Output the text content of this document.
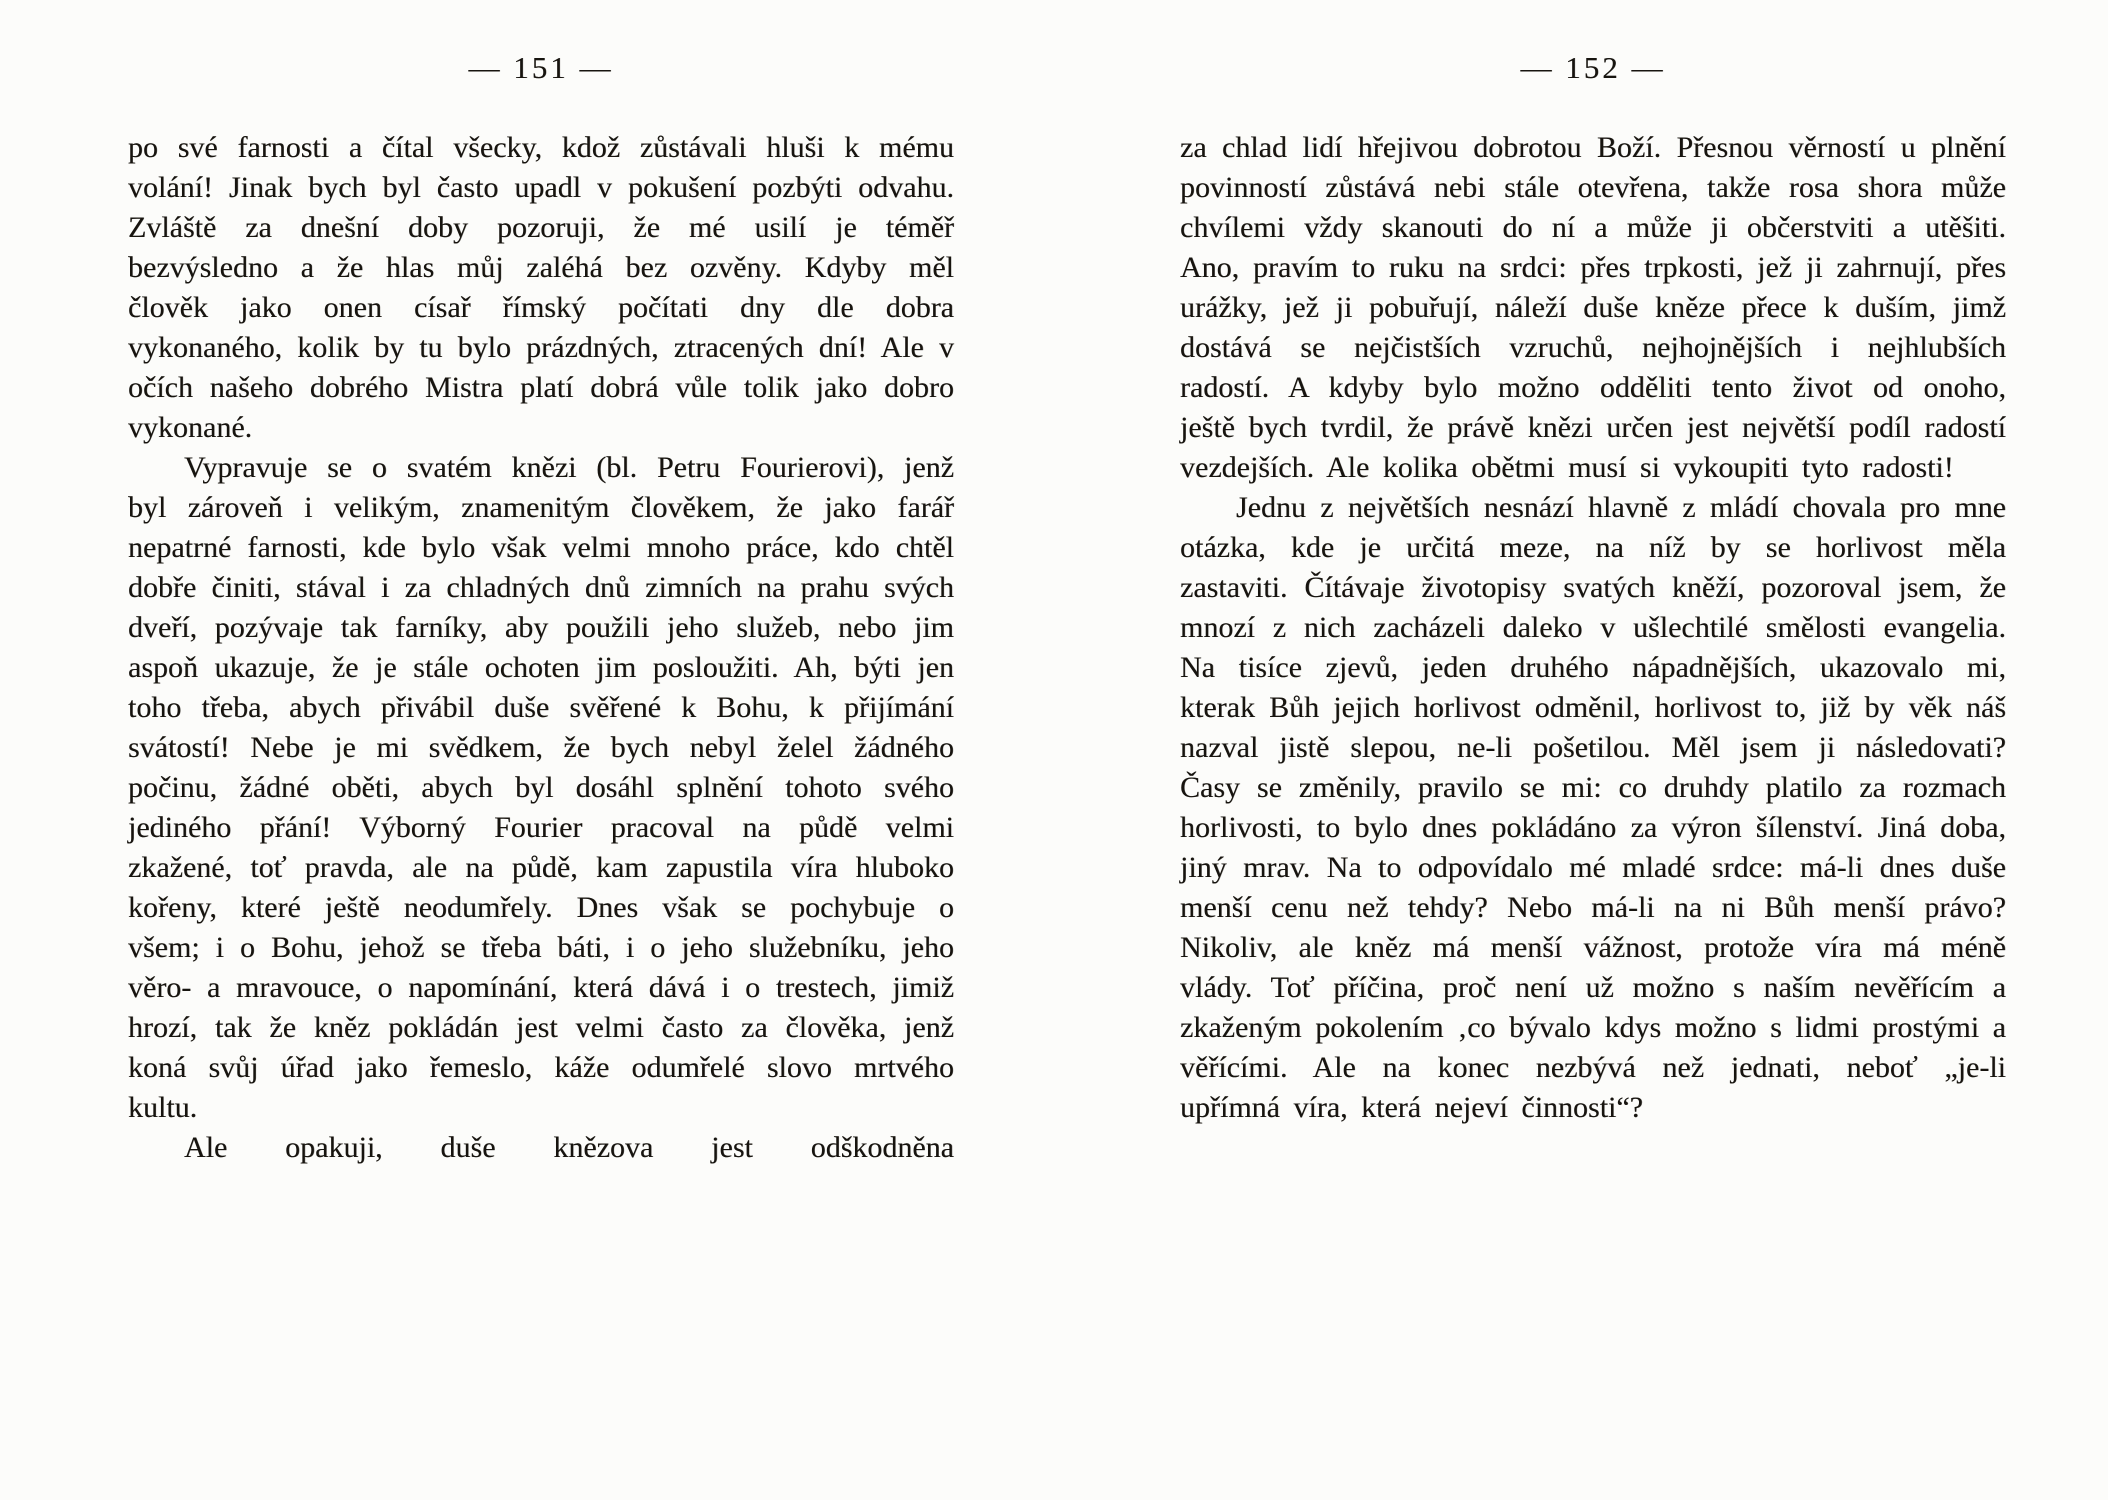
— 151 —

po své farnosti a čítal všecky, kdož zůstávali hluši k mému volání! Jinak bych byl často upadl v pokušení pozbýti odvahu. Zvláště za dnešní doby pozoruji, že mé usilí je téměř bezvýsledno a že hlas můj zaléhá bez ozvěny. Kdyby měl člověk jako onen císař římský počítati dny dle dobra vykonaného, kolik by tu bylo prázdných, ztracených dní! Ale v očích našeho dobrého Mistra platí dobrá vůle tolik jako dobro vykonané.

Vypravuje se o svatém knězi (bl. Petru Fourierovi), jenž byl zároveň i velikým, znamenitým člověkem, že jako farář nepatrné farnosti, kde bylo však velmi mnoho práce, kdo chtěl dobře činiti, stával i za chladných dnů zimních na prahu svých dveří, pozývaje tak farníky, aby použili jeho služeb, nebo jim aspoň ukazuje, že je stále ochoten jim posloužiti. Ah, býti jen toho třeba, abych přivábil duše svěřené k Bohu, k přijímání svátostí! Nebe je mi svědkem, že bych nebyl želel žádného počinu, žádné oběti, abych byl dosáhl splnění tohoto svého jediného přání! Výborný Fourier pracoval na půdě velmi zkažené, toť pravda, ale na půdě, kam zapustila víra hluboko kořeny, které ještě neodumřely. Dnes však se pochybuje o všem; i o Bohu, jehož se třeba báti, i o jeho služebníku, jeho věro- a mravouce, o napomínání, která dává i o trestech, jimiž hrozí, tak že kněz pokládán jest velmi často za člověka, jenž koná svůj úřad jako řemeslo, káže odumřelé slovo mrtvého kultu.

Ale opakuji, duše knězova jest odškodněna

— 152 —

za chlad lidí hřejivou dobrotou Boží. Přesnou věrností u plnění povinností zůstává nebi stále otevřena, takže rosa shora může chvílemi vždy skanouti do ní a může ji občerstviti a utěšiti. Ano, pravím to ruku na srdci: přes trpkosti, jež ji zahrnují, přes urážky, jež ji pobuřují, náleží duše kněze přece k duším, jimž dostává se nejčistších vzruchů, nejhojnějších i nejhlubších radostí. A kdyby bylo možno odděliti tento život od onoho, ještě bych tvrdil, že právě knězi určen jest největší podíl radostí vezdejších. Ale kolika obětmi musí si vykoupiti tyto radosti!

Jednu z největších nesnází hlavně z mládí chovala pro mne otázka, kde je určitá meze, na níž by se horlivost měla zastaviti. Čítávaje životopisy svatých kněží, pozoroval jsem, že mnozí z nich zacházeli daleko v ušlechtilé smělosti evangelia. Na tisíce zjevů, jeden druhého nápadnějších, ukazovalo mi, kterak Bůh jejich horlivost odměnil, horlivost to, již by věk náš nazval jistě slepou, ne-li pošetilou. Měl jsem ji následovati? Časy se změnily, pravilo se mi: co druhdy platilo za rozmach horlivosti, to bylo dnes pokládáno za výron šílenství. Jiná doba, jiný mrav. Na to odpovídalo mé mladé srdce: má-li dnes duše menší cenu než tehdy? Nebo má-li na ni Bůh menší právo? Nikoliv, ale kněz má menší vážnost, protože víra má méně vlády. Toť příčina, proč není už možno s naším nevěřícím a zkaženým pokolením ‚co bývalo kdys možno s lidmi prostými a věřícími. Ale na konec nezbývá než jednati, neboť „je-li upřímná víra, která nejeví činnosti“?
